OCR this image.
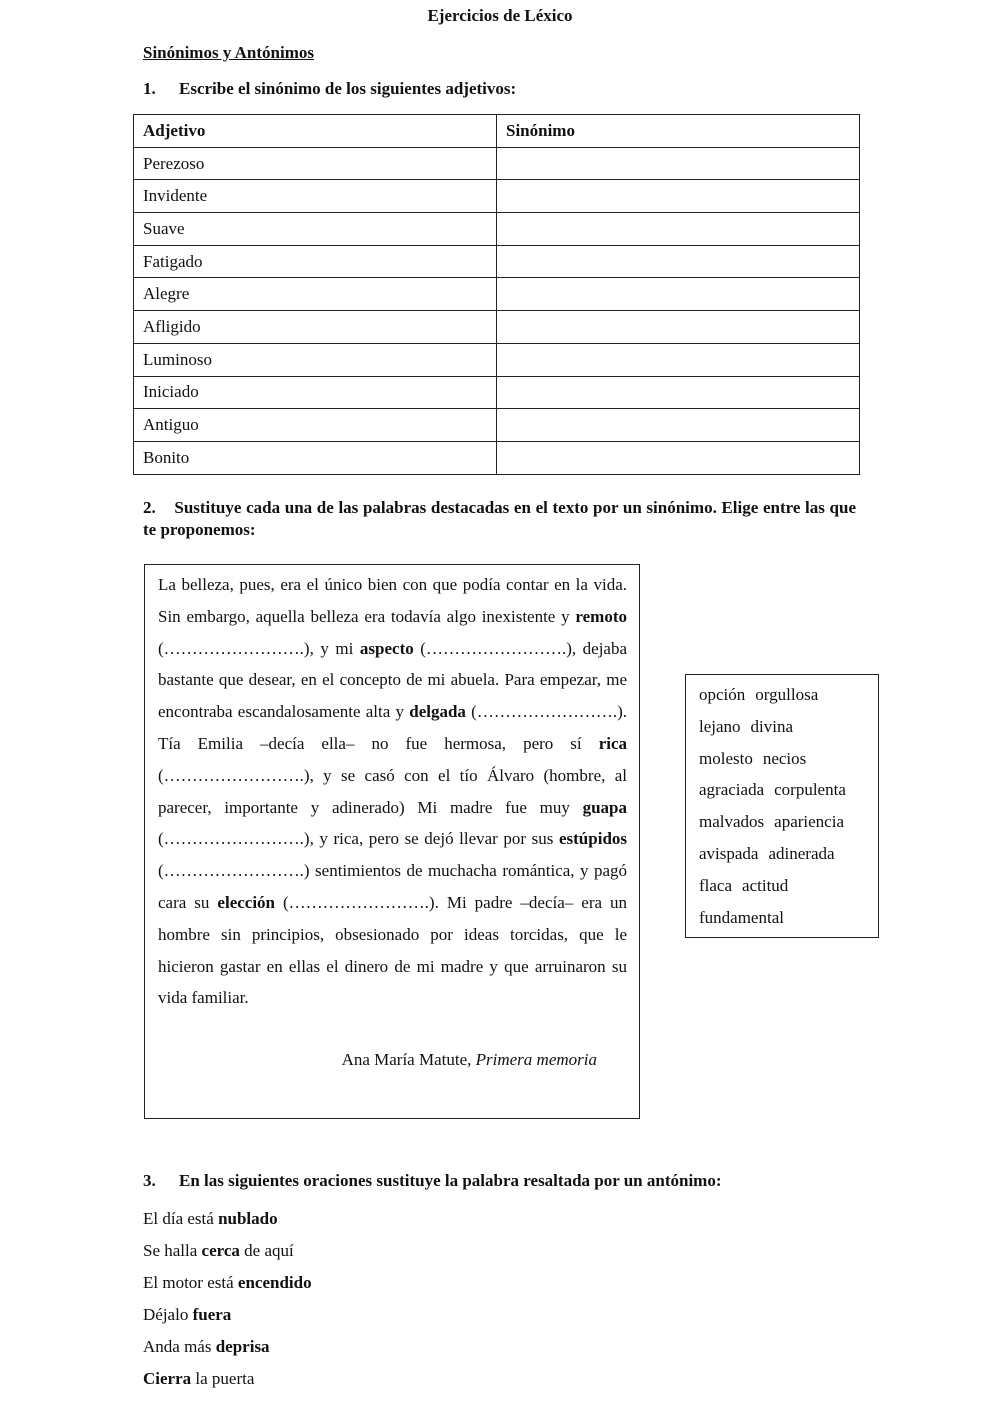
Ejercicios de Léxico
Sinónimos y Antónimos
1. Escribe el sinónimo de los siguientes adjetivos:
Adjetivo	Sinónimo
Perezoso	
Invidente	
Suave	
Fatigado	
Alegre	
Afligido	
Luminoso	
Iniciado	
Antiguo	
Bonito	
2. Sustituye cada una de las palabras destacadas en el texto por un sinónimo. Elige entre las que te proponemos:
La belleza, pues, era el único bien con que podía contar en la vida. Sin embargo, aquella belleza era todavía algo inexistente y remoto (…………………….), y mi aspecto (…………………….), dejaba bastante que desear, en el concepto de mi abuela. Para empezar, me encontraba escandalosamente alta y delgada (…………………….). Tía Emilia –decía ella– no fue hermosa, pero sí rica (…………………….), y se casó con el tío Álvaro (hombre, al parecer, importante y adinerado) Mi madre fue muy guapa (…………………….), y rica, pero se dejó llevar por sus estúpidos (…………………….) sentimientos de muchacha romántica, y pagó cara su elección (…………………….). Mi padre –decía– era un hombre sin principios, obsesionado por ideas torcidas, que le hicieron gastar en ellas el dinero de mi madre y que arruinaron su vida familiar.
Ana María Matute, Primera memoria
opción orgullosa
lejano divina
molesto necios
agraciada corpulenta
malvados apariencia
avispada adinerada
flaca actitud
fundamental
3. En las siguientes oraciones sustituye la palabra resaltada por un antónimo:
El día está nublado
Se halla cerca de aquí
El motor está encendido
Déjalo fuera
Anda más deprisa
Cierra la puerta
